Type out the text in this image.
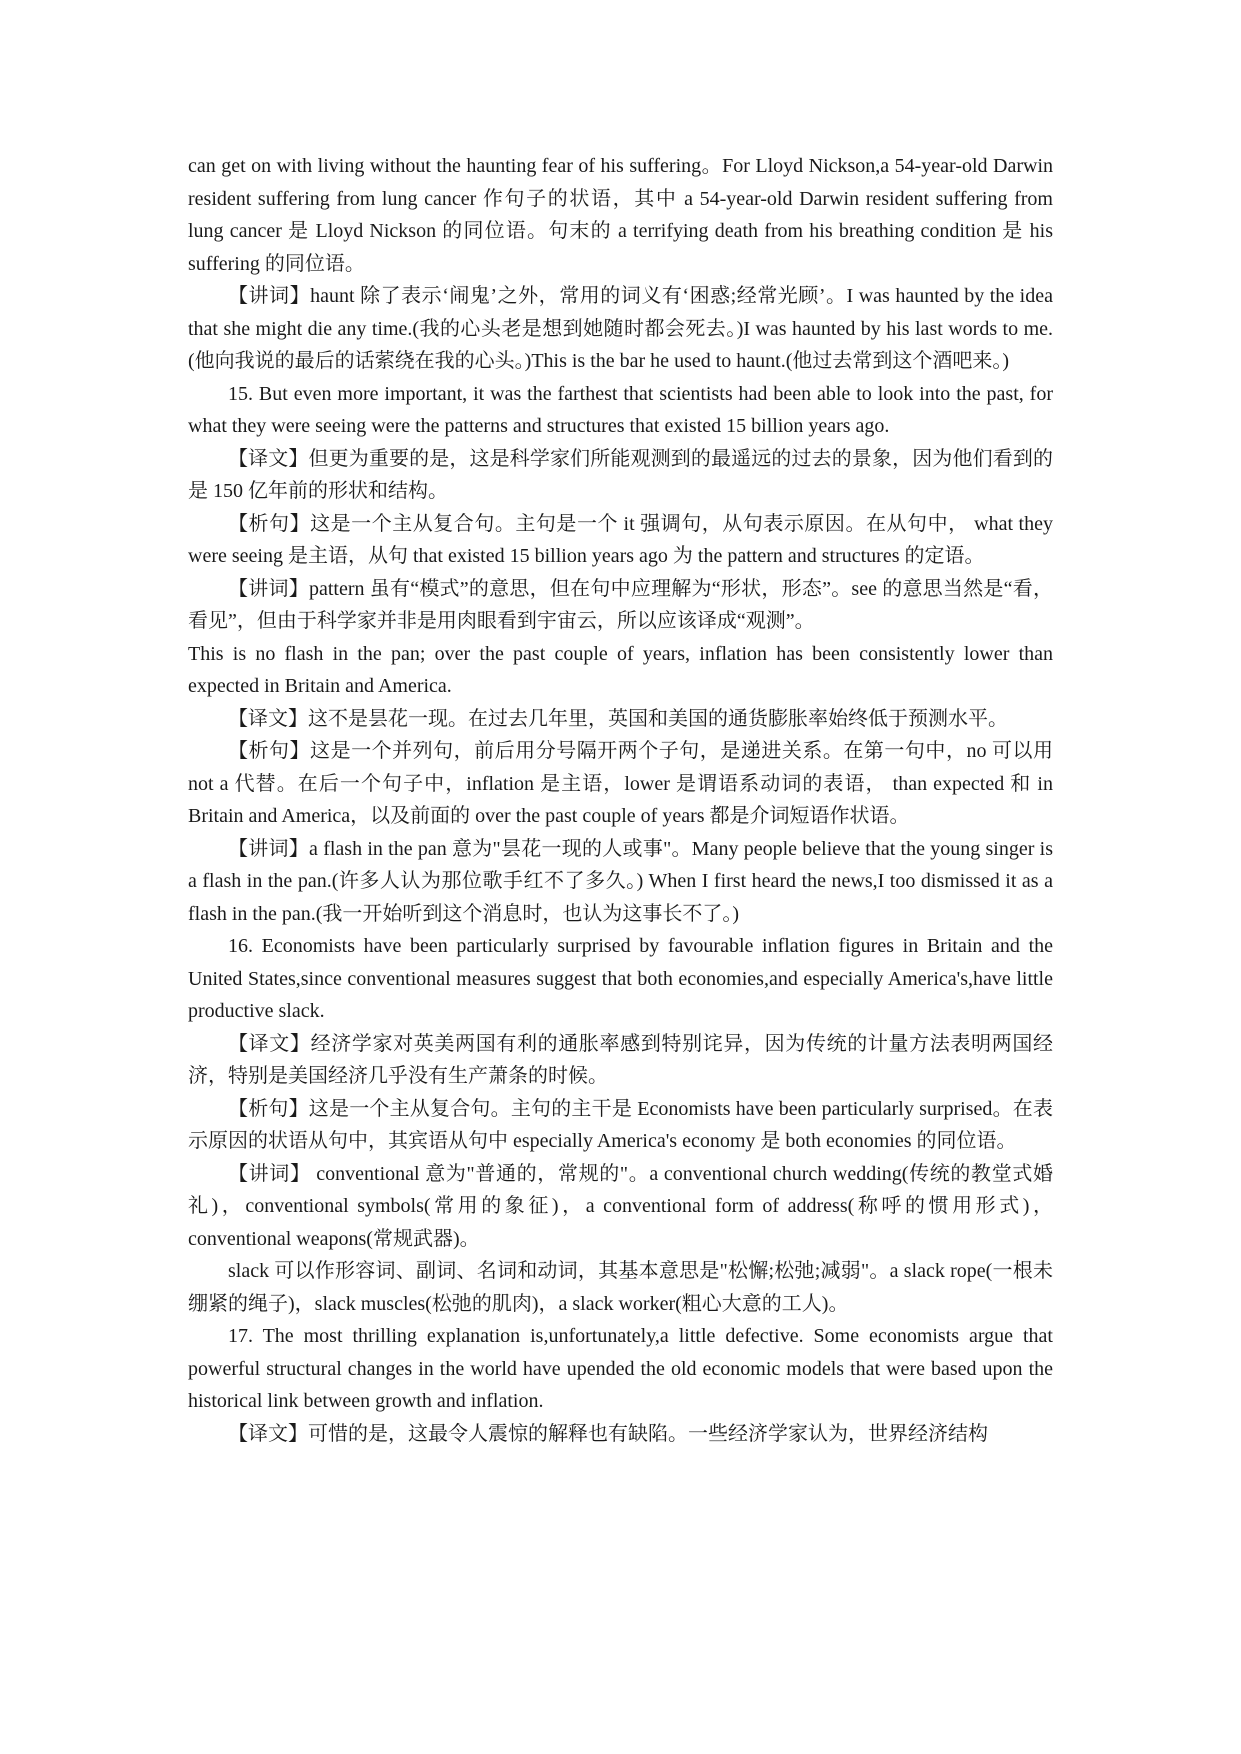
can get on with living without the haunting fear of his suffering。For Lloyd Nickson,a 54-year-old Darwin resident suffering from lung cancer 作句子的状语，其中 a 54-year-old Darwin resident suffering from lung cancer 是 Lloyd Nickson 的同位语。句末的 a terrifying death from his breathing condition 是 his suffering 的同位语。

【讲词】haunt 除了表示‘闹鬼’之外，常用的词义有‘困惑;经常光顾’。I was haunted by the idea that she might die any time.(我的心头老是想到她随时都会死去。)I was haunted by his last words to me.(他向我说的最后的话萦绕在我的心头。)This is the bar he used to haunt.(他过去常到这个酒吧来。)

15. But even more important, it was the farthest that scientists had been able to look into the past, for what they were seeing were the patterns and structures that existed 15 billion years ago.

【译文】但更为重要的是，这是科学家们所能观测到的最遥远的过去的景象，因为他们看到的是 150 亿年前的形状和结构。

【析句】这是一个主从复合句。主句是一个 it 强调句，从句表示原因。在从句中， what they were seeing 是主语，从句 that existed 15 billion years ago 为 the pattern and structures 的定语。

【讲词】pattern 虽有“模式”的意思，但在句中应理解为“形状，形态”。see 的意思当然是“看，看见”，但由于科学家并非是用肉眼看到宇宙云，所以应该译成“观测”。

This is no flash in the pan; over the past couple of years, inflation has been consistently lower than expected in Britain and America.

【译文】这不是昙花一现。在过去几年里，英国和美国的通货膨胀率始终低于预测水平。

【析句】这是一个并列句，前后用分号隔开两个子句，是递进关系。在第一句中，no 可以用 not a 代替。在后一个句子中，inflation 是主语，lower 是谓语系动词的表语， than expected 和 in Britain and America，以及前面的 over the past couple of years 都是介词短语作状语。

【讲词】a flash in the pan 意为"昙花一现的人或事"。Many people believe that the young singer is a flash in the pan.(许多人认为那位歌手红不了多久。) When I first heard the news,I too dismissed it as a flash in the pan.(我一开始听到这个消息时，也认为这事长不了。)

16. Economists have been particularly surprised by favourable inflation figures in Britain and the United States,since conventional measures suggest that both economies,and especially America's,have little productive slack.

【译文】经济学家对英美两国有利的通胀率感到特别诧异，因为传统的计量方法表明两国经济，特别是美国经济几乎没有生产萧条的时候。

【析句】这是一个主从复合句。主句的主干是 Economists have been particularly surprised。在表示原因的状语从句中，其宾语从句中 especially America's economy 是 both economies 的同位语。

【讲词】 conventional 意为"普通的，常规的"。a conventional church wedding(传统的教堂式婚礼)，conventional symbols(常用的象征)，a conventional form of address(称呼的惯用形式)，conventional weapons(常规武器)。

slack 可以作形容词、副词、名词和动词，其基本意思是"松懈;松弛;减弱"。a slack rope(一根未绷紧的绳子)，slack muscles(松弛的肌肉)，a slack worker(粗心大意的工人)。

17. The most thrilling explanation is,unfortunately,a little defective. Some economists argue that powerful structural changes in the world have upended the old economic models that were based upon the historical link between growth and inflation.

【译文】可惜的是，这最令人震惊的解释也有缺陷。一些经济学家认为，世界经济结构
